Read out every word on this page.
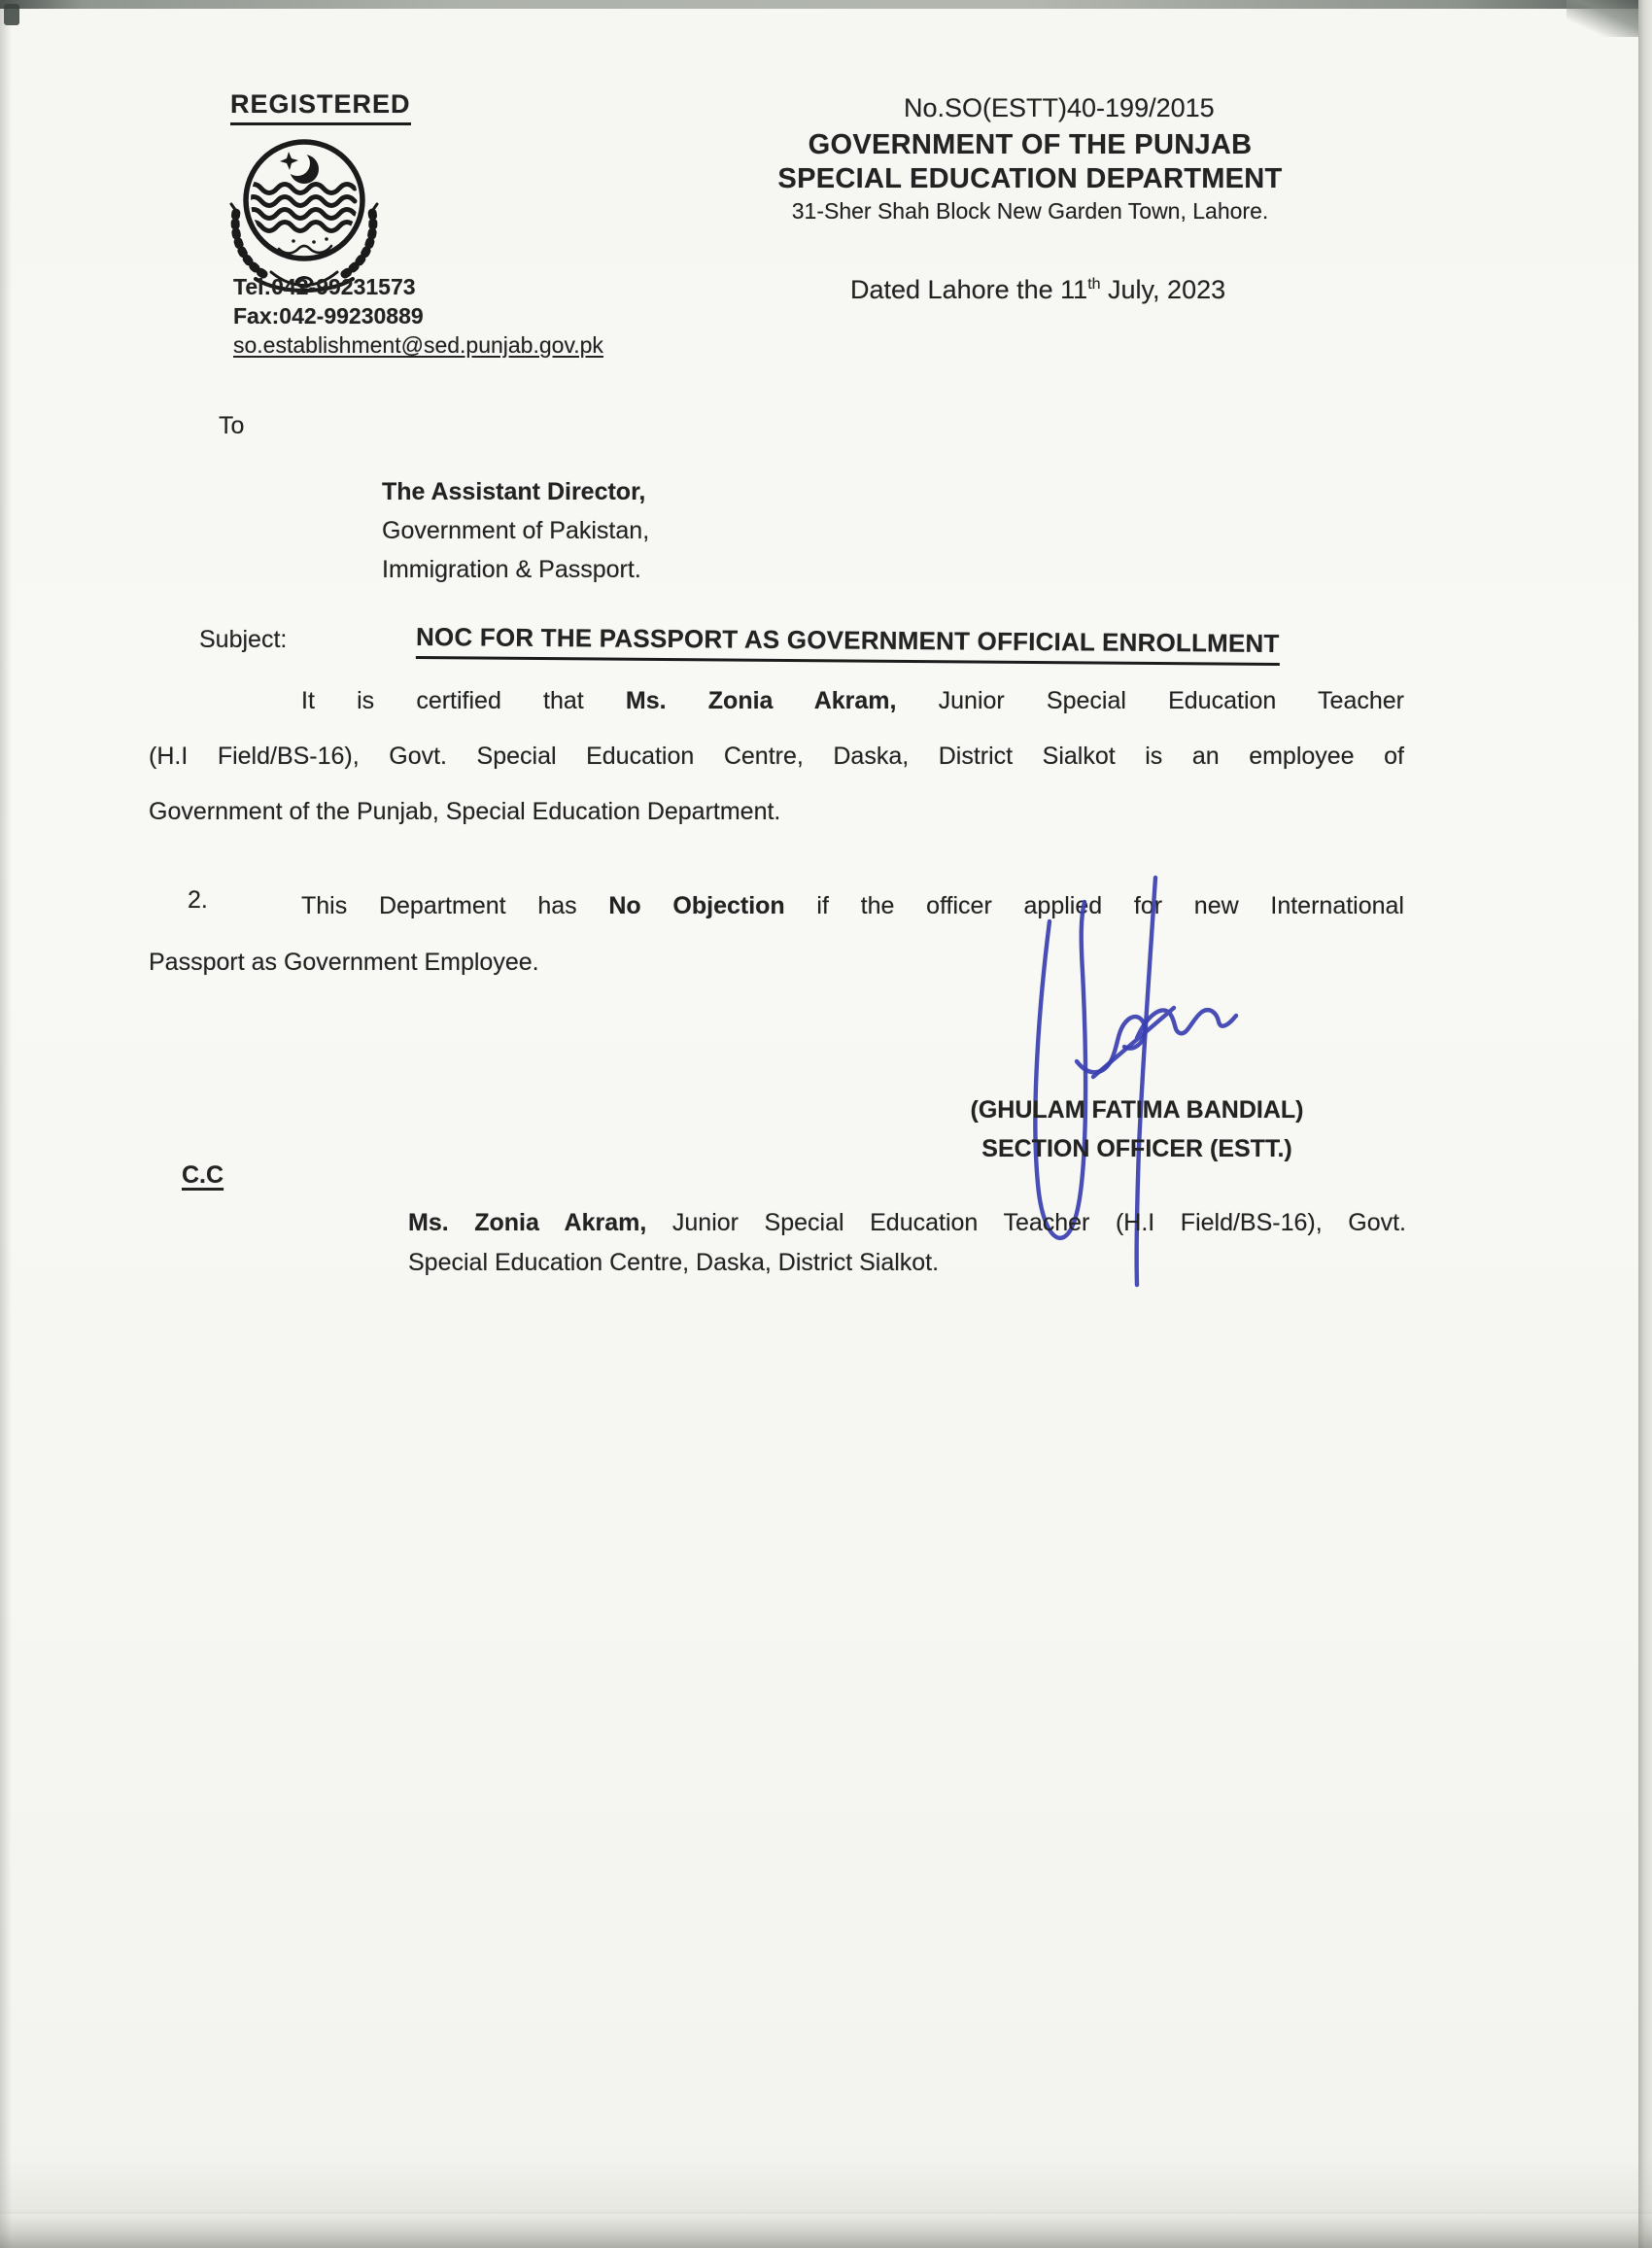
REGISTERED
Tel:042-99231573
Fax:042-99230889
so.establishment@sed.punjab.gov.pk
No.SO(ESTT)40-199/2015
GOVERNMENT OF THE PUNJAB
SPECIAL EDUCATION DEPARTMENT
31-Sher Shah Block New Garden Town, Lahore.
Dated Lahore the 11th July, 2023
To
The Assistant Director,
Government of Pakistan,
Immigration & Passport.
Subject:	NOC FOR THE PASSPORT AS GOVERNMENT OFFICIAL ENROLLMENT
It is certified that Ms. Zonia Akram, Junior Special Education Teacher
(H.I Field/BS-16), Govt. Special Education Centre, Daska, District Sialkot is an employee of
Government of the Punjab, Special Education Department.
2.	This Department has No Objection if the officer applied for new International
Passport as Government Employee.
(GHULAM FATIMA BANDIAL)
SECTION OFFICER (ESTT.)
C.C
Ms. Zonia Akram, Junior Special Education Teacher (H.I Field/BS-16), Govt.
Special Education Centre, Daska, District Sialkot.
